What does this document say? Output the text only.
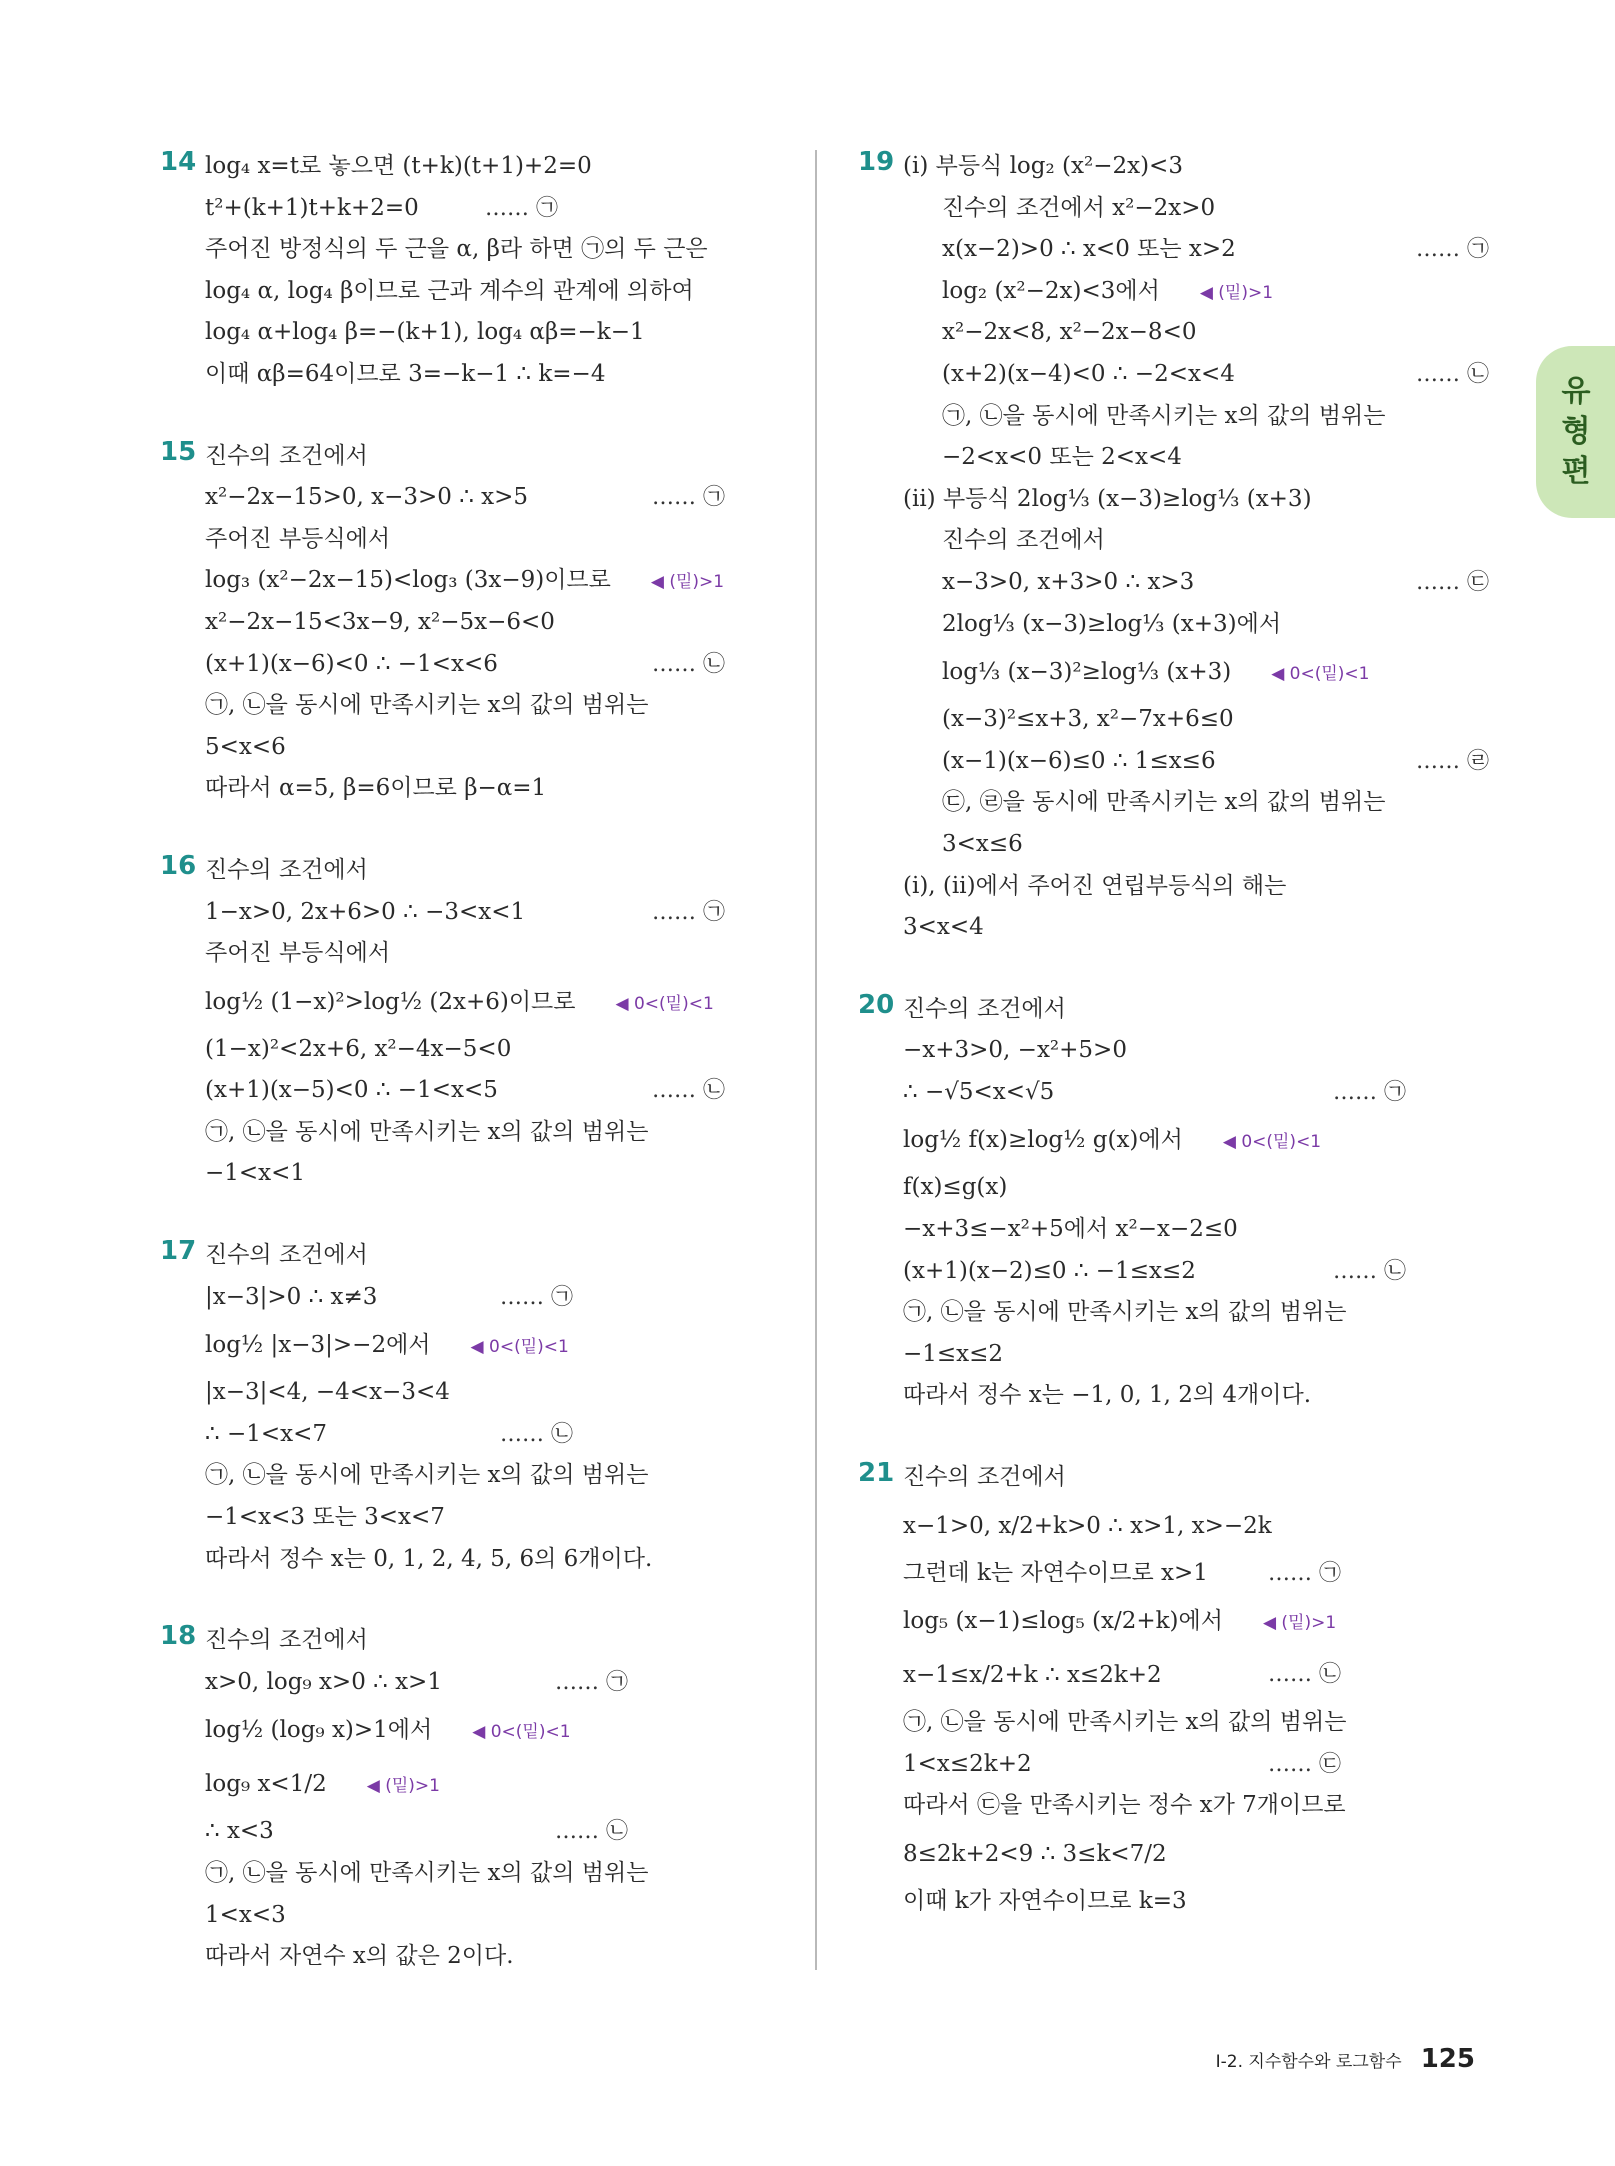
14 log₄ x=t로 놓으면 (t+k)(t+1)+2=0
t²+(k+1)t+k+2=0	…… ㉠
주어진 방정식의 두 근을 α, β라 하면 ㉠의 두 근은
log₄ α, log₄ β이므로 근과 계수의 관계에 의하여
log₄ α+log₄ β=−(k+1), log₄ αβ=−k−1
이때 αβ=64이므로 3=−k−1 ∴ k=−4
15 진수의 조건에서
x²−2x−15>0, x−3>0 ∴ x>5	…… ㉠
주어진 부등식에서
log₃ (x²−2x−15)<log₃ (3x−9)이므로 ◀ (밑)>1
x²−2x−15<3x−9, x²−5x−6<0
(x+1)(x−6)<0 ∴ −1<x<6	…… ㉡
㉠, ㉡을 동시에 만족시키는 x의 값의 범위는
5<x<6
따라서 α=5, β=6이므로 β−α=1
16 진수의 조건에서
1−x>0, 2x+6>0 ∴ −3<x<1	…… ㉠
주어진 부등식에서
log½ (1−x)²>log½ (2x+6)이므로 ◀ 0<(밑)<1
(1−x)²<2x+6, x²−4x−5<0
(x+1)(x−5)<0 ∴ −1<x<5	…… ㉡
㉠, ㉡을 동시에 만족시키는 x의 값의 범위는
−1<x<1
17 진수의 조건에서
|x−3|>0 ∴ x≠3	…… ㉠
log½ |x−3|>−2에서 ◀ 0<(밑)<1
|x−3|<4, −4<x−3<4
∴ −1<x<7	…… ㉡
㉠, ㉡을 동시에 만족시키는 x의 값의 범위는
−1<x<3 또는 3<x<7
따라서 정수 x는 0, 1, 2, 4, 5, 6의 6개이다.
18 진수의 조건에서
x>0, log₉ x>0 ∴ x>1	…… ㉠
log½ (log₉ x)>1에서 ◀ 0<(밑)<1
log₉ x<1/2 ◀ (밑)>1
∴ x<3	…… ㉡
㉠, ㉡을 동시에 만족시키는 x의 값의 범위는
1<x<3
따라서 자연수 x의 값은 2이다.
19 (ⅰ) 부등식 log₂ (x²−2x)<3
진수의 조건에서 x²−2x>0
x(x−2)>0 ∴ x<0 또는 x>2	…… ㉠
log₂ (x²−2x)<3에서 ◀ (밑)>1
x²−2x<8, x²−2x−8<0
(x+2)(x−4)<0 ∴ −2<x<4	…… ㉡
㉠, ㉡을 동시에 만족시키는 x의 값의 범위는
−2<x<0 또는 2<x<4
(ⅱ) 부등식 2log⅓ (x−3)≥log⅓ (x+3)
진수의 조건에서
x−3>0, x+3>0 ∴ x>3	…… ㉢
2log⅓ (x−3)≥log⅓ (x+3)에서
log⅓ (x−3)²≥log⅓ (x+3) ◀ 0<(밑)<1
(x−3)²≤x+3, x²−7x+6≤0
(x−1)(x−6)≤0 ∴ 1≤x≤6	…… ㉣
㉢, ㉣을 동시에 만족시키는 x의 값의 범위는
3<x≤6
(ⅰ), (ⅱ)에서 주어진 연립부등식의 해는
3<x<4
20 진수의 조건에서
−x+3>0, −x²+5>0
∴ −√5<x<√5	…… ㉠
log½ f(x)≥log½ g(x)에서 ◀ 0<(밑)<1
f(x)≤g(x)
−x+3≤−x²+5에서 x²−x−2≤0
(x+1)(x−2)≤0 ∴ −1≤x≤2	…… ㉡
㉠, ㉡을 동시에 만족시키는 x의 값의 범위는
−1≤x≤2
따라서 정수 x는 −1, 0, 1, 2의 4개이다.
21 진수의 조건에서
x−1>0, x/2+k>0 ∴ x>1, x>−2k
그런데 k는 자연수이므로 x>1	…… ㉠
log₅ (x−1)≤log₅ (x/2+k)에서 ◀ (밑)>1
x−1≤x/2+k ∴ x≤2k+2	…… ㉡
㉠, ㉡을 동시에 만족시키는 x의 값의 범위는
1<x≤2k+2	…… ㉢
따라서 ㉢을 만족시키는 정수 x가 7개이므로
8≤2k+2<9 ∴ 3≤k<7/2
이때 k가 자연수이므로 k=3
유형편
Ⅰ-2. 지수함수와 로그함수 125
